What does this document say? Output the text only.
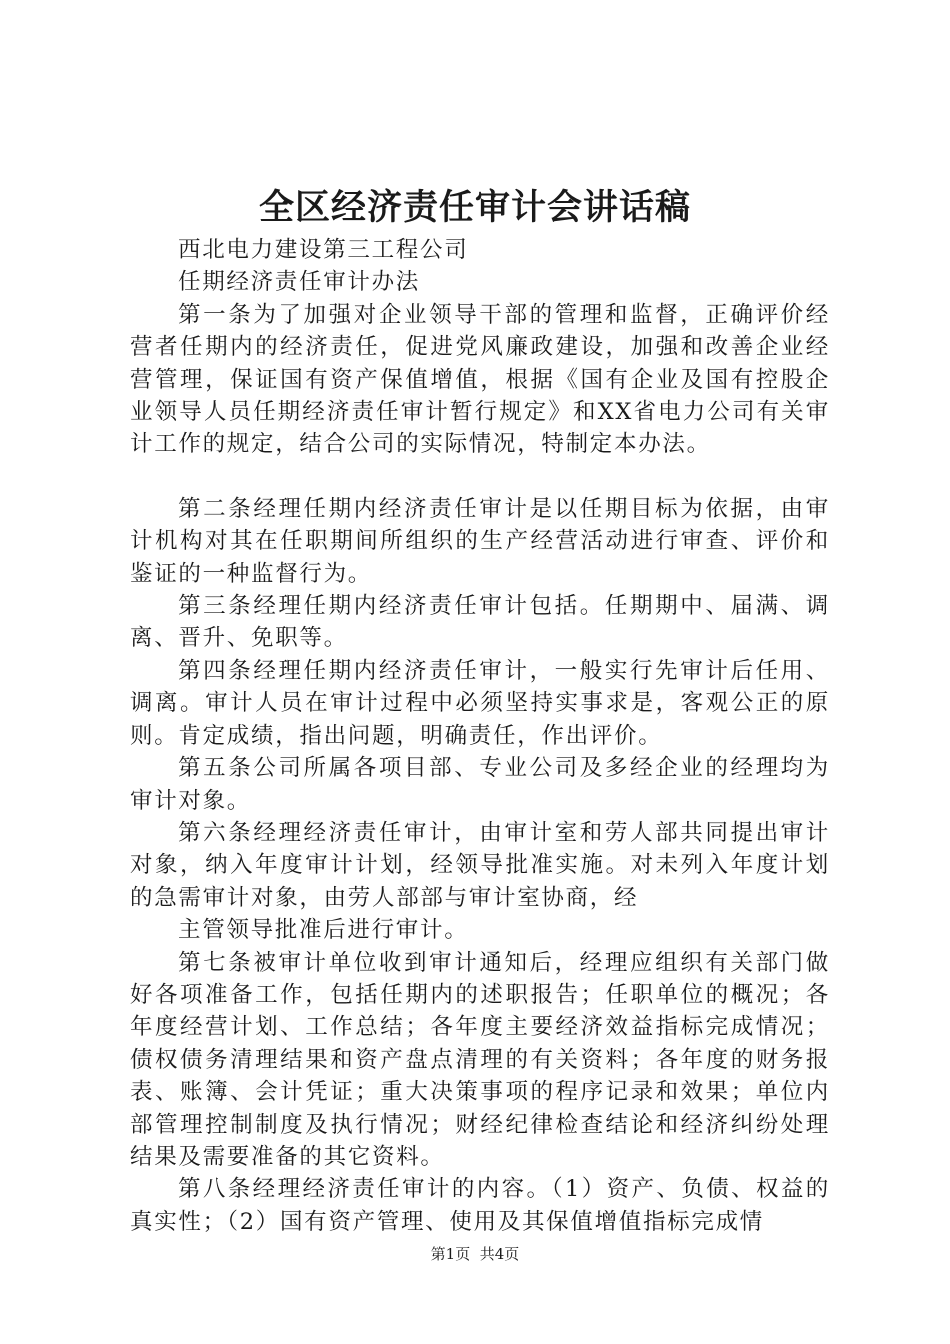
全区经济责任审计会讲话稿

西北电力建设第三工程公司

任期经济责任审计办法

第一条为了加强对企业领导干部的管理和监督，正确评价经营者任期内的经济责任，促进党风廉政建设，加强和改善企业经营管理，保证国有资产保值增值，根据《国有企业及国有控股企业领导人员任期经济责任审计暂行规定》和XX省电力公司有关审计工作的规定，结合公司的实际情况，特制定本办法。

第二条经理任期内经济责任审计是以任期目标为依据，由审计机构对其在任职期间所组织的生产经营活动进行审查、评价和鉴证的一种监督行为。

第三条经理任期内经济责任审计包括。任期期中、届满、调离、晋升、免职等。

第四条经理任期内经济责任审计，一般实行先审计后任用、调离。审计人员在审计过程中必须坚持实事求是，客观公正的原则。肯定成绩，指出问题，明确责任，作出评价。

第五条公司所属各项目部、专业公司及多经企业的经理均为审计对象。

第六条经理经济责任审计，由审计室和劳人部共同提出审计对象，纳入年度审计计划，经领导批准实施。对未列入年度计划的急需审计对象，由劳人部部与审计室协商，经

主管领导批准后进行审计。

第七条被审计单位收到审计通知后，经理应组织有关部门做好各项准备工作，包括任期内的述职报告；任职单位的概况；各年度经营计划、工作总结；各年度主要经济效益指标完成情况；债权债务清理结果和资产盘点清理的有关资料；各年度的财务报表、账簿、会计凭证；重大决策事项的程序记录和效果；单位内部管理控制制度及执行情况；财经纪律检查结论和经济纠纷处理结果及需要准备的其它资料。

第八条经理经济责任审计的内容。（1）资产、负债、权益的真实性；（2）国有资产管理、使用及其保值增值指标完成情

第1页 共4页
